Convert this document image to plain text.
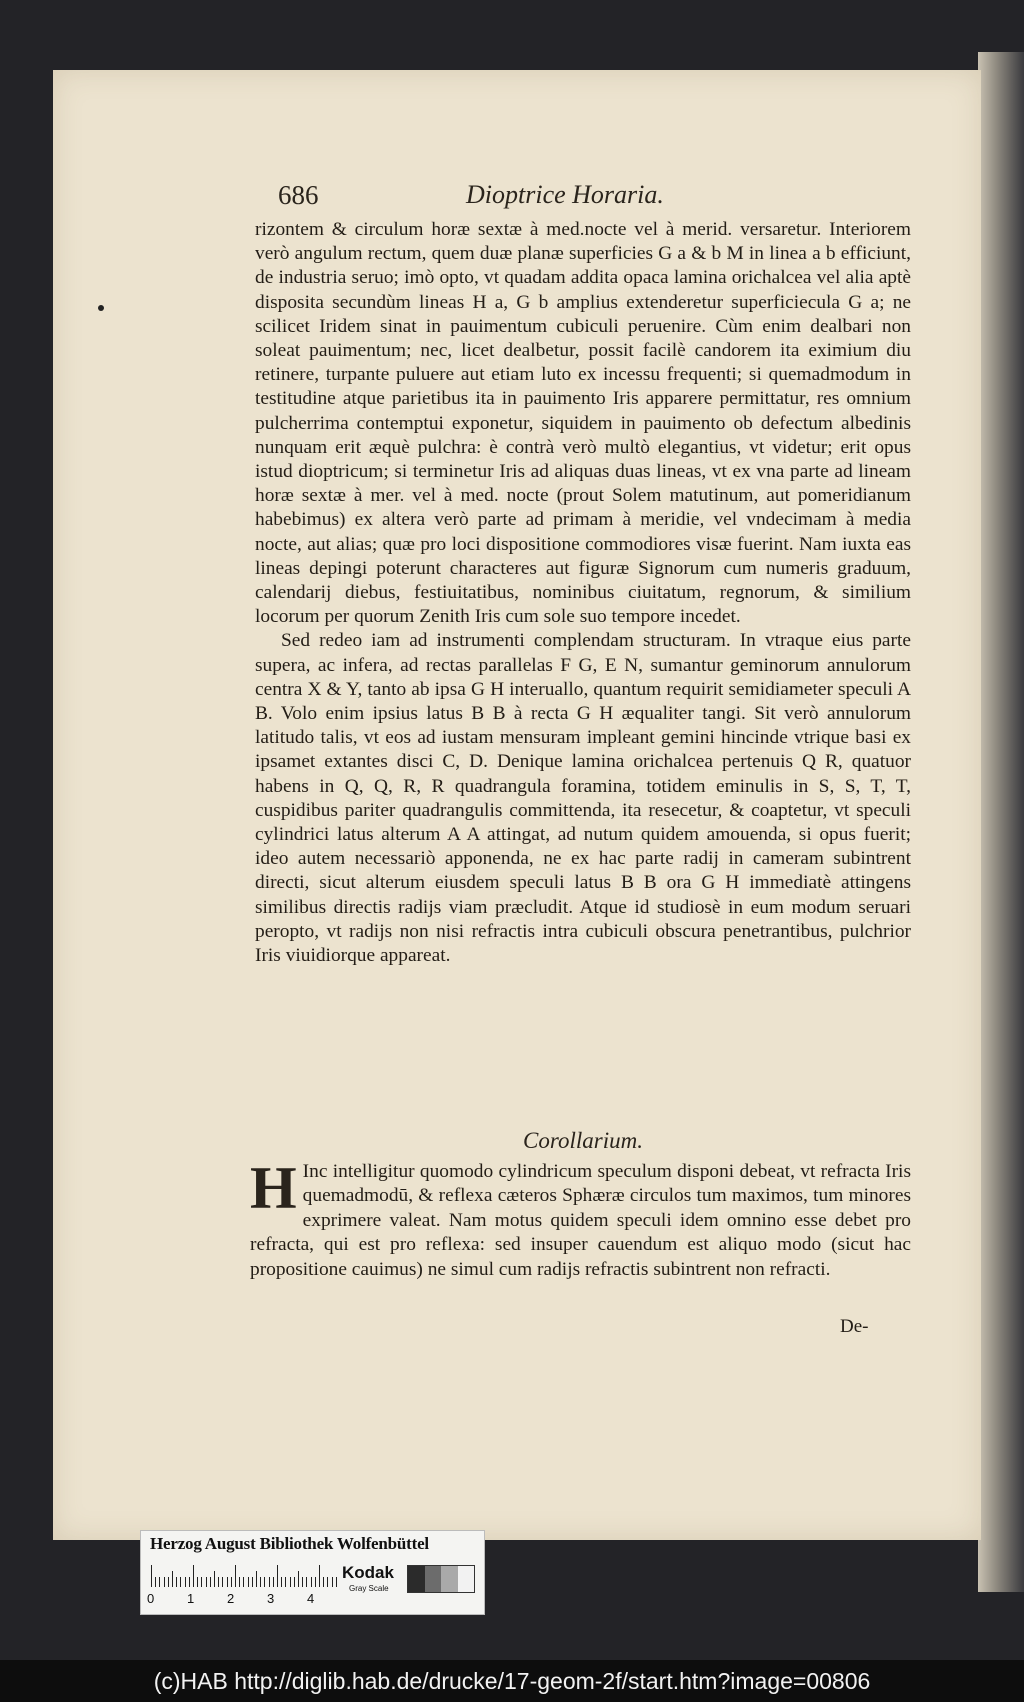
686	Dioptrice Horaria.

rizontem & circulum horæ sextæ à med.nocte vel à merid. versaretur. Interiorem verò angulum rectum, quem duæ planæ superficies G a & b M in linea a b efficiunt, de industria seruo; imò opto, vt quadam addita opaca lamina orichalcea vel alia aptè disposita secundùm lineas H a, G b amplius extenderetur superficiecula G a; ne scilicet Iridem sinat in pauimentum cubiculi peruenire. Cùm enim dealbari non soleat pauimentum; nec, licet dealbetur, possit facilè candorem ita eximium diu retinere, turpante puluere aut etiam luto ex incessu frequenti; si quemadmodum in testitudine atque parietibus ita in pauimento Iris apparere permittatur, res omnium pulcherrima contemptui exponetur, siquidem in pauimento ob defectum albedinis nunquam erit æquè pulchra: è contrà verò multò elegantius, vt videtur; erit opus istud dioptricum; si terminetur Iris ad aliquas duas lineas, vt ex vna parte ad lineam horæ sextæ à mer. vel à med. nocte (prout Solem matutinum, aut pomeridianum habebimus) ex altera verò parte ad primam à meridie, vel vndecimam à media nocte, aut alias; quæ pro loci dispositione commodiores visæ fuerint. Nam iuxta eas lineas depingi poterunt characteres aut figuræ Signorum cum numeris graduum, calendarij diebus, festiuitatibus, nominibus ciuitatum, regnorum, & similium locorum per quorum Zenith Iris cum sole suo tempore incedet.

Sed redeo iam ad instrumenti complendam structuram. In vtraque eius parte supera, ac infera, ad rectas parallelas F G, E N, sumantur geminorum annulorum centra X & Y, tanto ab ipsa G H interuallo, quantum requirit semidiameter speculi A B. Volo enim ipsius latus B B à recta G H æqualiter tangi. Sit verò annulorum latitudo talis, vt eos ad iustam mensuram impleant gemini hincinde vtrique basi ex ipsamet extantes disci C, D. Denique lamina orichalcea pertenuis Q R, quatuor habens in Q, Q, R, R quadrangula foramina, totidem eminulis in S, S, T, T, cuspidibus pariter quadrangulis committenda, ita resecetur, & coaptetur, vt speculi cylindrici latus alterum A A attingat, ad nutum quidem amouenda, si opus fuerit; ideo autem necessariò apponenda, ne ex hac parte radij in cameram subintrent directi, sicut alterum eiusdem speculi latus B B ora G H immediatè attingens similibus directis radijs viam præcludit. Atque id studiosè in eum modum seruari peropto, vt radijs non nisi refractis intra cubiculi obscura penetrantibus, pulchrior Iris viuidiorque appareat.

Corollarium.
H Inc intelligitur quomodo cylindricum speculum disponi debeat, vt refracta Iris quemadmodū, & reflexa cæteros Sphæræ circulos tum maximos, tum minores exprimere valeat. Nam motus quidem speculi idem omnino esse debet pro refracta, qui est pro reflexa: sed insuper cauendum est aliquo modo (sicut hac propositione cauimus) ne simul cum radijs refractis subintrent non refracti.
De-
Herzog August Bibliothek Wolfenbüttel
0	1	2	3	4
Kodak
Gray Scale
(c)HAB http://diglib.hab.de/drucke/17-geom-2f/start.htm?image=00806
